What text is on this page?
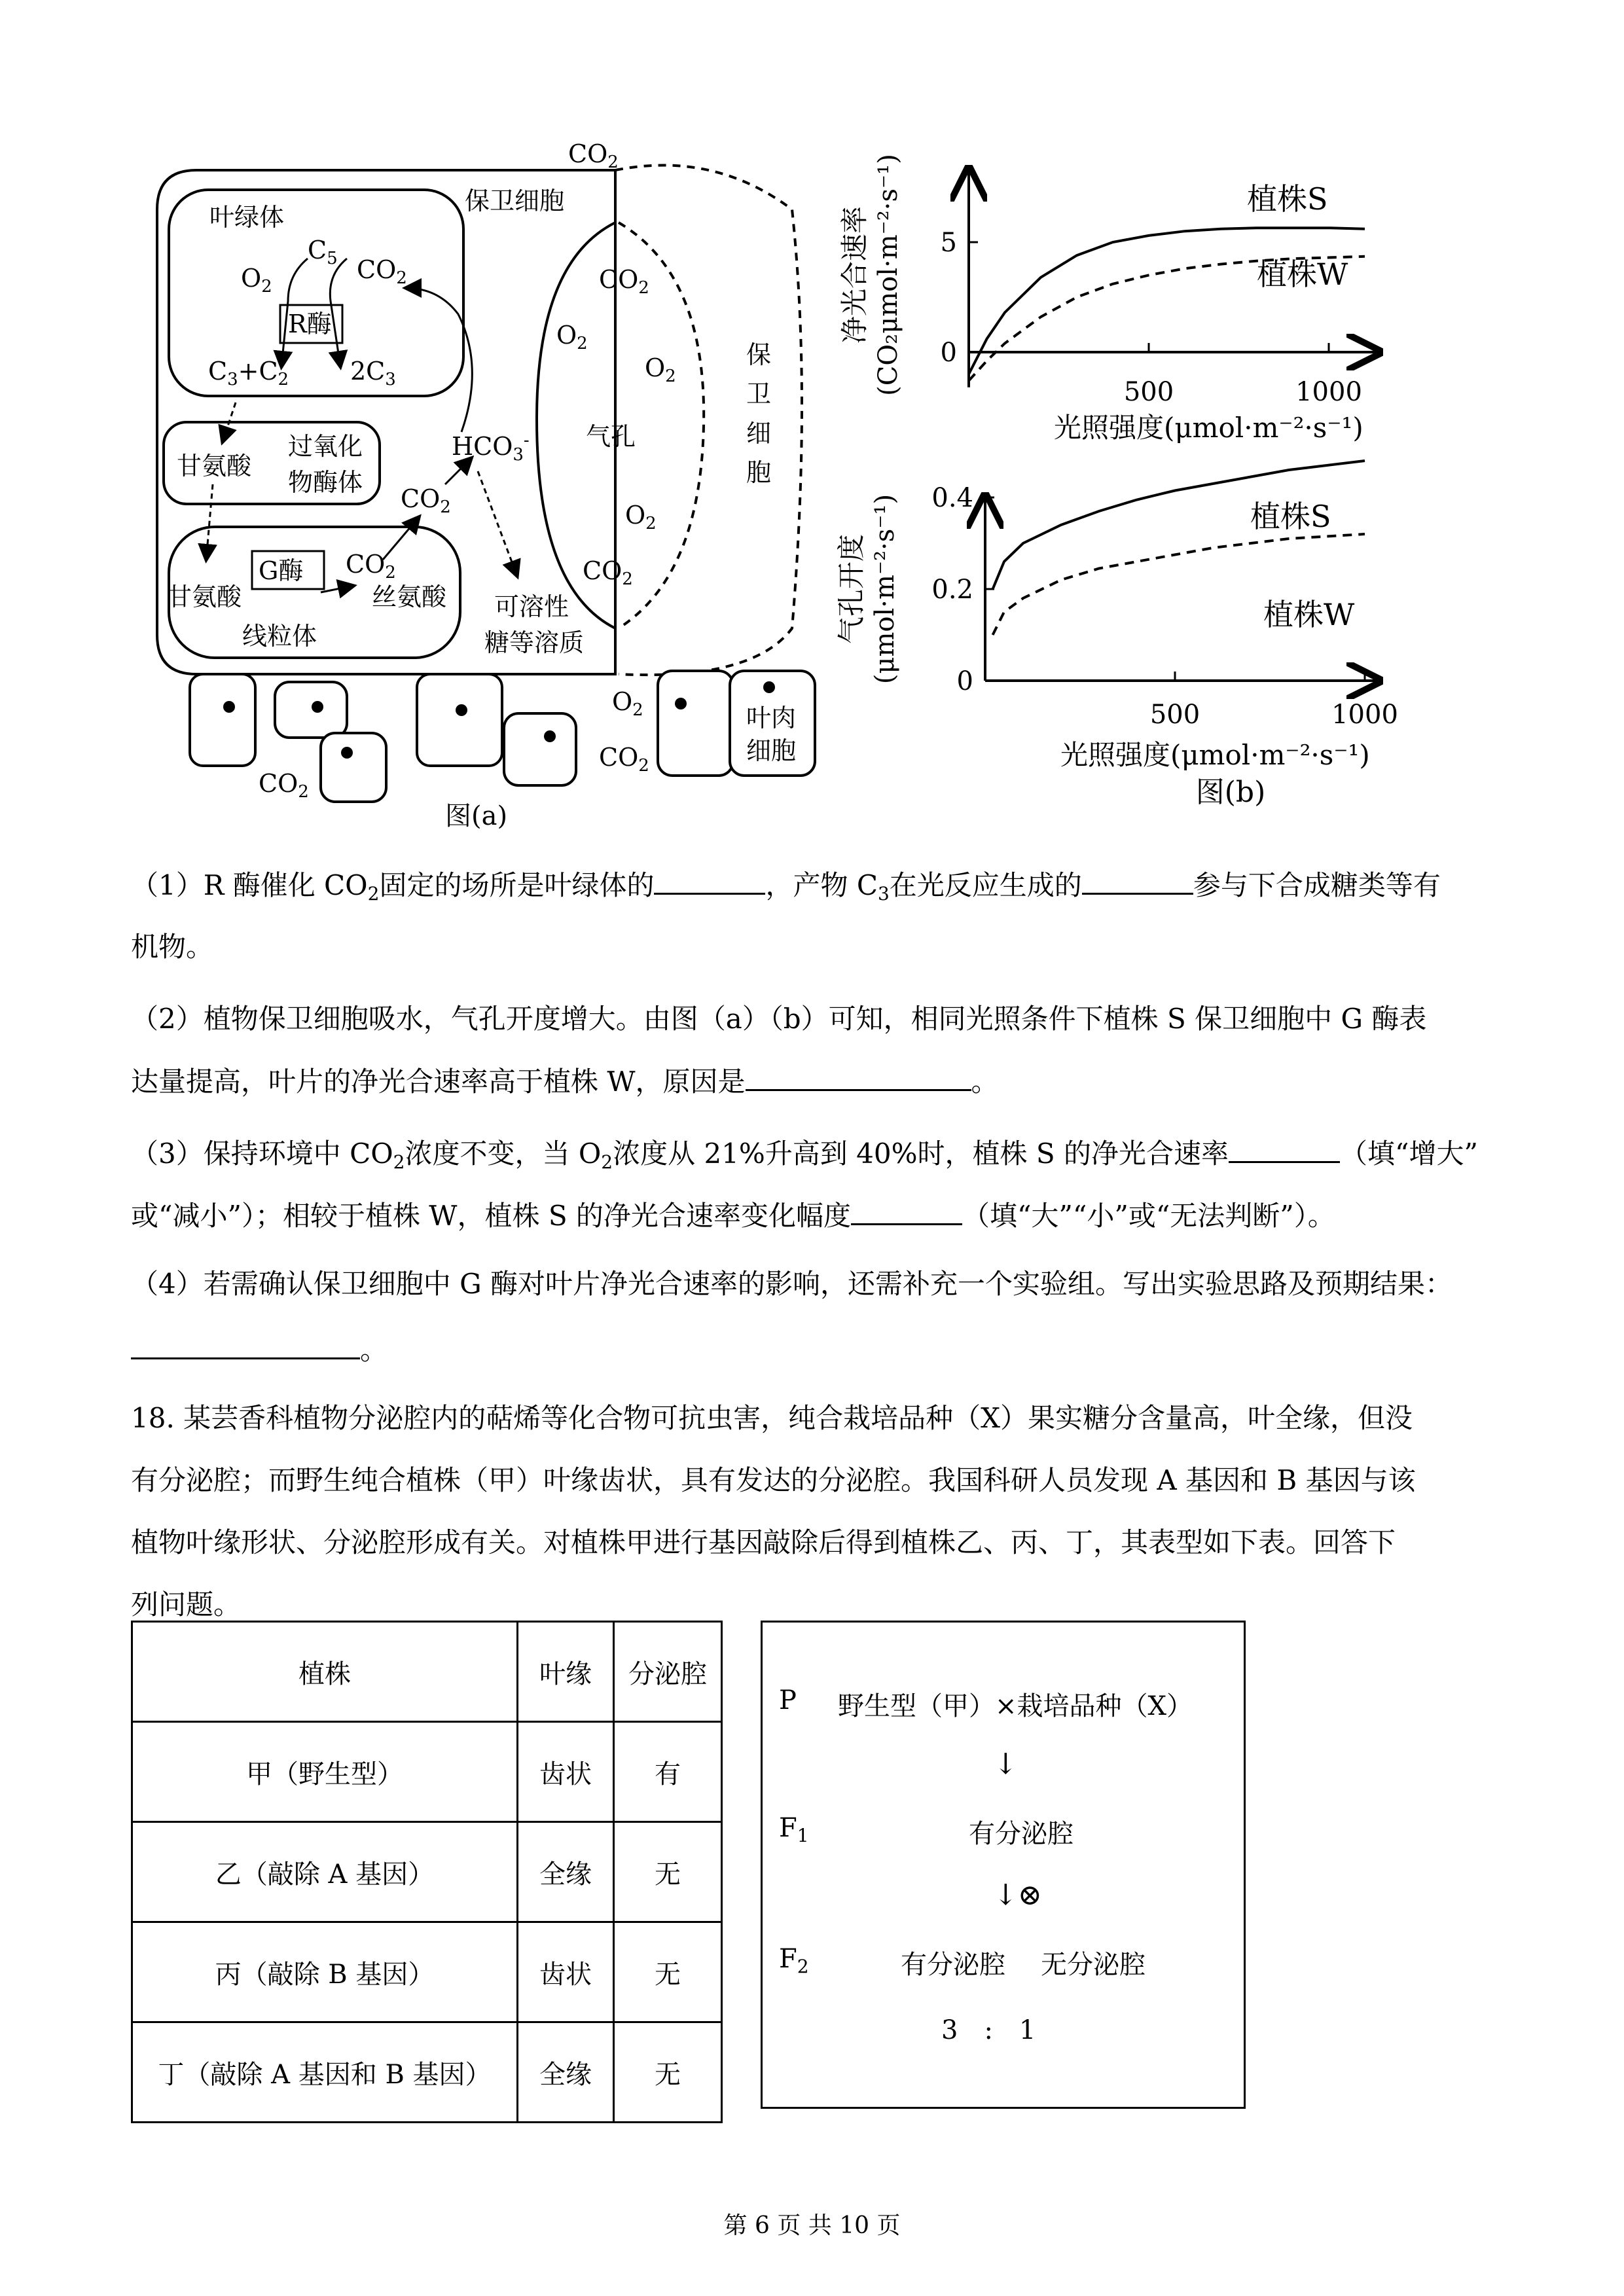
$CO_2$
保卫细胞
叶绿体
$C_5$
$O_2$
$CO_2$
R酶
$C_3+C_2$ $2C_3$
甘氨酸
过氧化
物酶体
$HCO_3^-$
$CO_2$
G酶 $CO_2$
甘氨酸	丝氨酸
线粒体
可溶性
糖等溶质
气孔
$CO_2$
$O_2$
$O_2$
$O_2$
$CO_2$
保
卫
细
胞
叶肉
细胞
$CO_2$
$O_2$
$CO_2$
图(a)
5
0
500	1000
净光合速率 (CO₂μmol·m⁻²·s⁻¹)
光照强度(μmol·m⁻²·s⁻¹)
植株S
植株W
0.4
0.2
0
500	1000
气孔开度 (μmol·m⁻²·s⁻¹)
光照强度(μmol·m⁻²·s⁻¹)
图(b)
植株S
植株W
（1）R 酶催化 $CO_2$固定的场所是叶绿体的	，产物 $C_3$在光反应生成的	参与下合成糖类等有
机物。
（2）植物保卫细胞吸水，气孔开度增大。由图（a）（b）可知，相同光照条件下植株 S 保卫细胞中 G 酶表
达量提高，叶片的净光合速率高于植株 W，原因是	。
（3）保持环境中 $CO_2$浓度不变，当 $O_2$浓度从 21%升高到 40%时，植株 S 的净光合速率	（填“增大”
或“减小”）；相较于植株 W，植株 S 的净光合速率变化幅度	（填“大”“小”或“无法判断”）。
（4）若需确认保卫细胞中 G 酶对叶片净光合速率的影响，还需补充一个实验组。写出实验思路及预期结果：
。
18. 某芸香科植物分泌腔内的萜烯等化合物可抗虫害，纯合栽培品种（X）果实糖分含量高，叶全缘，但没
有分泌腔；而野生纯合植株（甲）叶缘齿状，具有发达的分泌腔。我国科研人员发现 A 基因和 B 基因与该
植物叶缘形状、分泌腔形成有关。对植株甲进行基因敲除后得到植株乙、丙、丁，其表型如下表。回答下
列问题。
植株	叶缘	分泌腔
甲（野生型）	齿状	有
乙（敲除 A 基因）	全缘	无
丙（敲除 B 基因）	齿状	无
丁（敲除 A 基因和 B 基因）	全缘	无
P 野生型（甲）×栽培品种（X）
↓
$F_1$	有分泌腔
↓⊗
$F_2$	有分泌腔 无分泌腔
3　:　1
第 6 页 共 10 页
